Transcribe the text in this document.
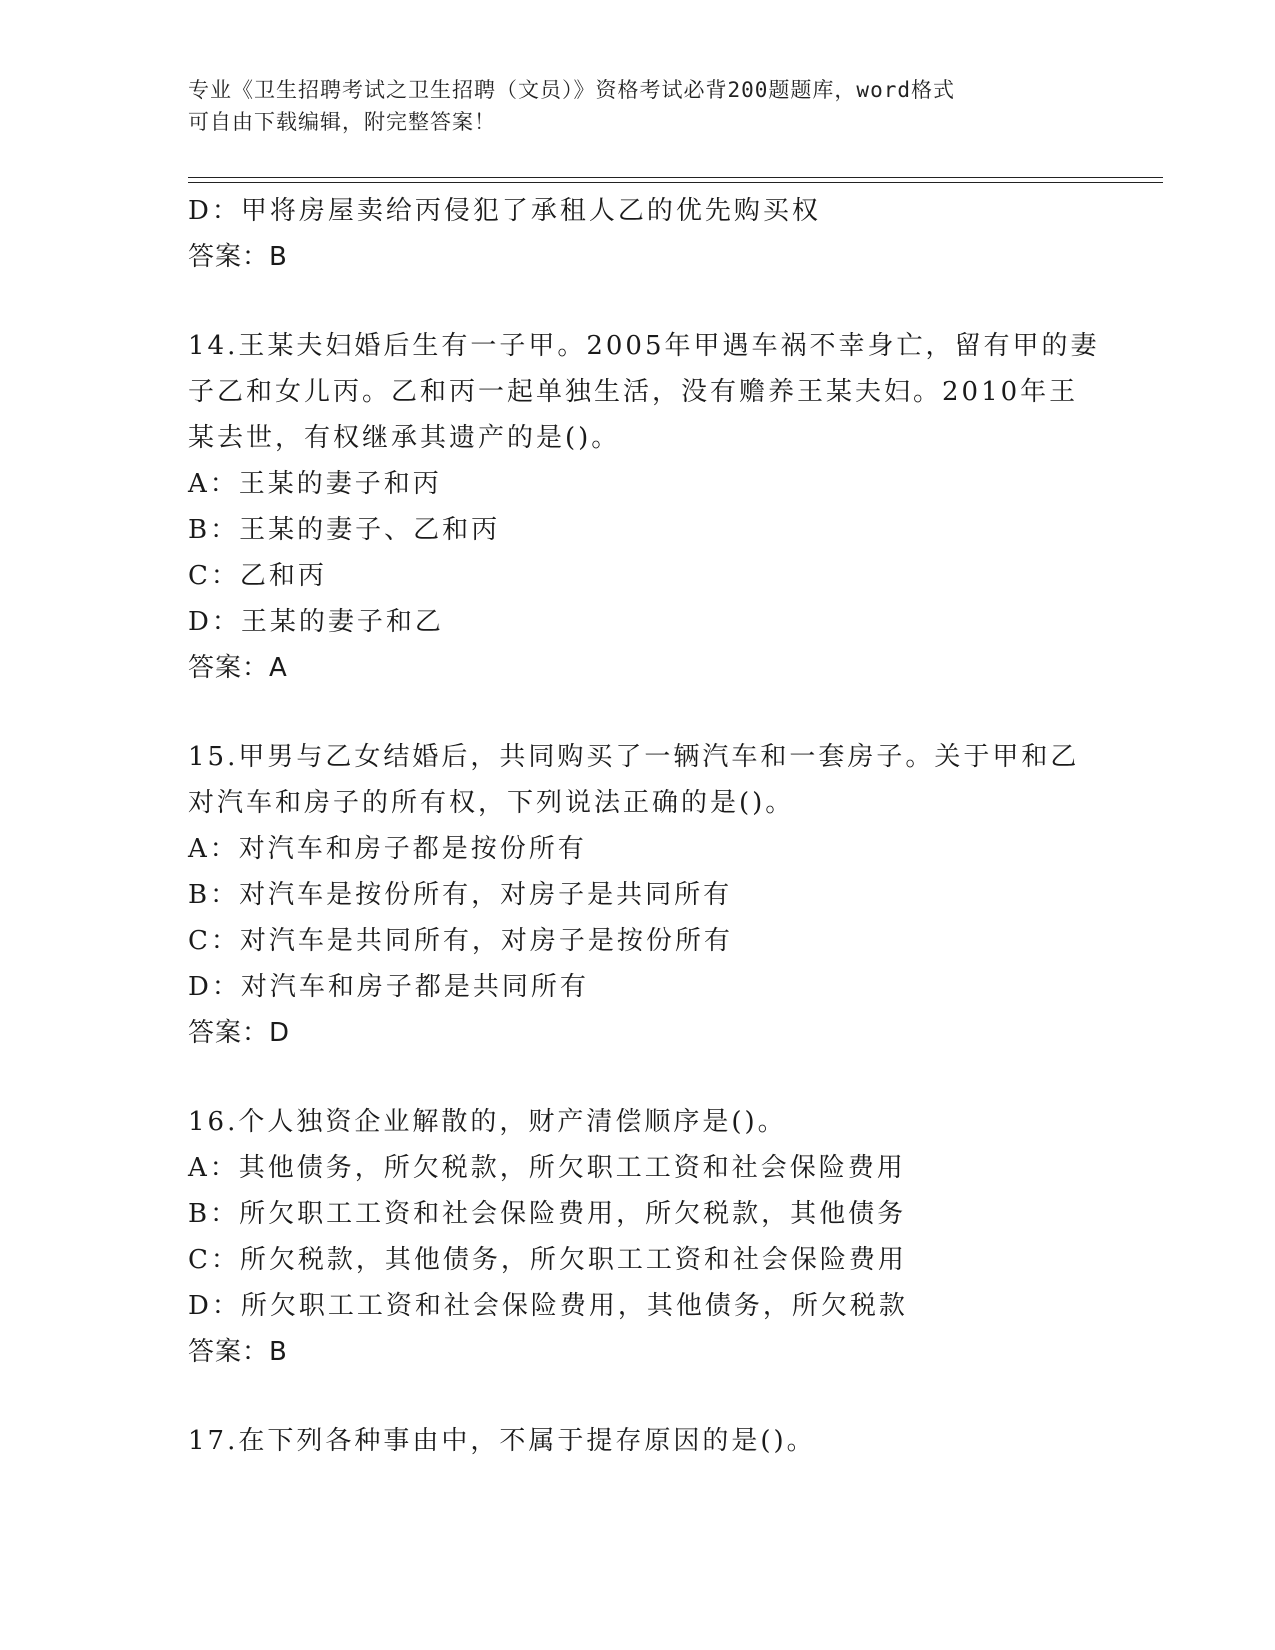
专业《卫生招聘考试之卫生招聘（文员）》资格考试必背200题题库，word格式
可自由下载编辑，附完整答案！
D：甲将房屋卖给丙侵犯了承租人乙的优先购买权
答案：B
14.王某夫妇婚后生有一子甲。2005年甲遇车祸不幸身亡，留有甲的妻
子乙和女儿丙。乙和丙一起单独生活，没有赡养王某夫妇。2010年王
某去世，有权继承其遗产的是()。
A：王某的妻子和丙
B：王某的妻子、乙和丙
C：乙和丙
D：王某的妻子和乙
答案：A
15.甲男与乙女结婚后，共同购买了一辆汽车和一套房子。关于甲和乙
对汽车和房子的所有权，下列说法正确的是()。
A：对汽车和房子都是按份所有
B：对汽车是按份所有，对房子是共同所有
C：对汽车是共同所有，对房子是按份所有
D：对汽车和房子都是共同所有
答案：D
16.个人独资企业解散的，财产清偿顺序是()。
A：其他债务，所欠税款，所欠职工工资和社会保险费用
B：所欠职工工资和社会保险费用，所欠税款，其他债务
C：所欠税款，其他债务，所欠职工工资和社会保险费用
D：所欠职工工资和社会保险费用，其他债务，所欠税款
答案：B
17.在下列各种事由中，不属于提存原因的是()。
